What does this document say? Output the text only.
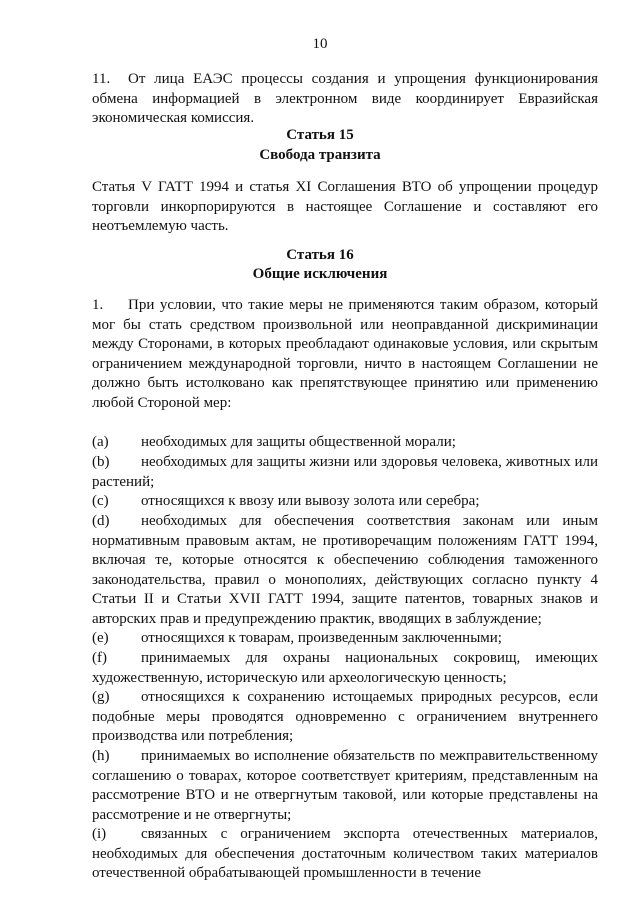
10
11. От лица ЕАЭС процессы создания и упрощения функционирования обмена информацией в электронном виде координирует Евразийская экономическая комиссия.
Статья 15
Свобода транзита
Статья V ГАТТ 1994 и статья XI Соглашения ВТО об упрощении процедур торговли инкорпорируются в настоящее Соглашение и составляют его неотъемлемую часть.
Статья 16
Общие исключения
1. При условии, что такие меры не применяются таким образом, который мог бы стать средством произвольной или неоправданной дискриминации между Сторонами, в которых преобладают одинаковые условия, или скрытым ограничением международной торговли, ничто в настоящем Соглашении не должно быть истолковано как препятствующее принятию или применению любой Стороной мер:
(a) необходимых для защиты общественной морали;
(b) необходимых для защиты жизни или здоровья человека, животных или растений;
(c) относящихся к ввозу или вывозу золота или серебра;
(d) необходимых для обеспечения соответствия законам или иным нормативным правовым актам, не противоречащим положениям ГАТТ 1994, включая те, которые относятся к обеспечению соблюдения таможенного законодательства, правил о монополиях, действующих согласно пункту 4 Статьи II и Статьи XVII ГАТТ 1994, защите патентов, товарных знаков и авторских прав и предупреждению практик, вводящих в заблуждение;
(e) относящихся к товарам, произведенным заключенными;
(f) принимаемых для охраны национальных сокровищ, имеющих художественную, историческую или археологическую ценность;
(g) относящихся к сохранению истощаемых природных ресурсов, если подобные меры проводятся одновременно с ограничением внутреннего производства или потребления;
(h) принимаемых во исполнение обязательств по межправительственному соглашению о товарах, которое соответствует критериям, представленным на рассмотрение ВТО и не отвергнутым таковой, или которые представлены на рассмотрение и не отвергнуты;
(i) связанных с ограничением экспорта отечественных материалов, необходимых для обеспечения достаточным количеством таких материалов отечественной обрабатывающей промышленности в течение
